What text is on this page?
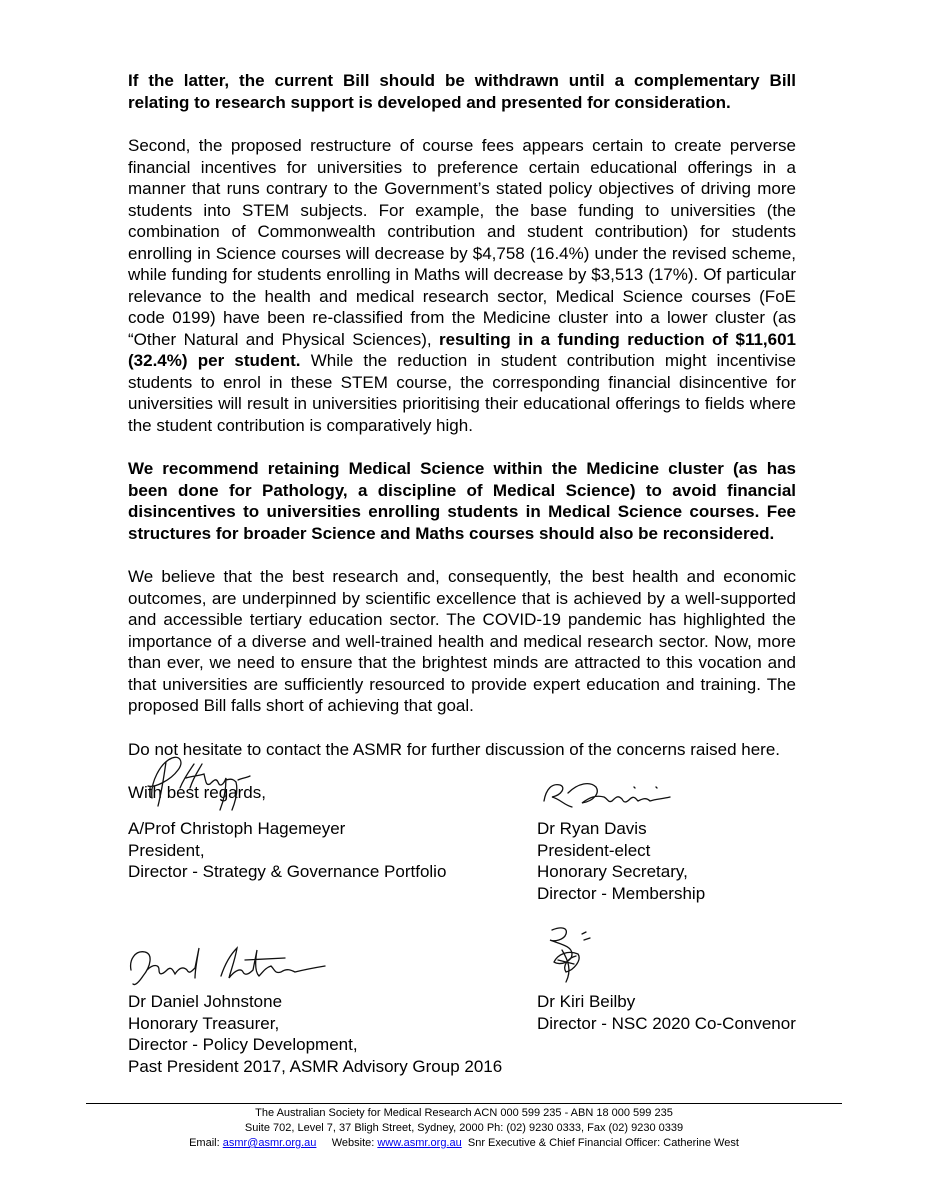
If the latter, the current Bill should be withdrawn until a complementary Bill relating to research support is developed and presented for consideration.

Second, the proposed restructure of course fees appears certain to create perverse financial incentives for universities to preference certain educational offerings in a manner that runs contrary to the Government’s stated policy objectives of driving more students into STEM subjects. For example, the base funding to universities (the combination of Commonwealth contribution and student contribution) for students enrolling in Science courses will decrease by $4,758 (16.4%) under the revised scheme, while funding for students enrolling in Maths will decrease by $3,513 (17%). Of particular relevance to the health and medical research sector, Medical Science courses (FoE code 0199) have been re-classified from the Medicine cluster into a lower cluster (as “Other Natural and Physical Sciences), resulting in a funding reduction of $11,601 (32.4%) per student. While the reduction in student contribution might incentivise students to enrol in these STEM course, the corresponding financial disincentive for universities will result in universities prioritising their educational offerings to fields where the student contribution is comparatively high.

We recommend retaining Medical Science within the Medicine cluster (as has been done for Pathology, a discipline of Medical Science) to avoid financial disincentives to universities enrolling students in Medical Science courses. Fee structures for broader Science and Maths courses should also be reconsidered.

We believe that the best research and, consequently, the best health and economic outcomes, are underpinned by scientific excellence that is achieved by a well-supported and accessible tertiary education sector. The COVID-19 pandemic has highlighted the importance of a diverse and well-trained health and medical research sector. Now, more than ever, we need to ensure that the brightest minds are attracted to this vocation and that universities are sufficiently resourced to provide expert education and training. The proposed Bill falls short of achieving that goal.

Do not hesitate to contact the ASMR for further discussion of the concerns raised here.

With best regards,

A/Prof Christoph Hagemeyer
President,
Director - Strategy & Governance Portfolio
Dr Ryan Davis
President-elect
Honorary Secretary,
Director - Membership
Dr Daniel Johnstone
Honorary Treasurer,
Director - Policy Development,
Past President 2017, ASMR Advisory Group 2016
Dr Kiri Beilby
Director - NSC 2020 Co-Convenor
The Australian Society for Medical Research ACN 000 599 235 - ABN 18 000 599 235
Suite 702, Level 7, 37 Bligh Street, Sydney, 2000 Ph: (02) 9230 0333, Fax (02) 9230 0339
Email: asmr@asmr.org.au Website: www.asmr.org.au Snr Executive & Chief Financial Officer: Catherine West
